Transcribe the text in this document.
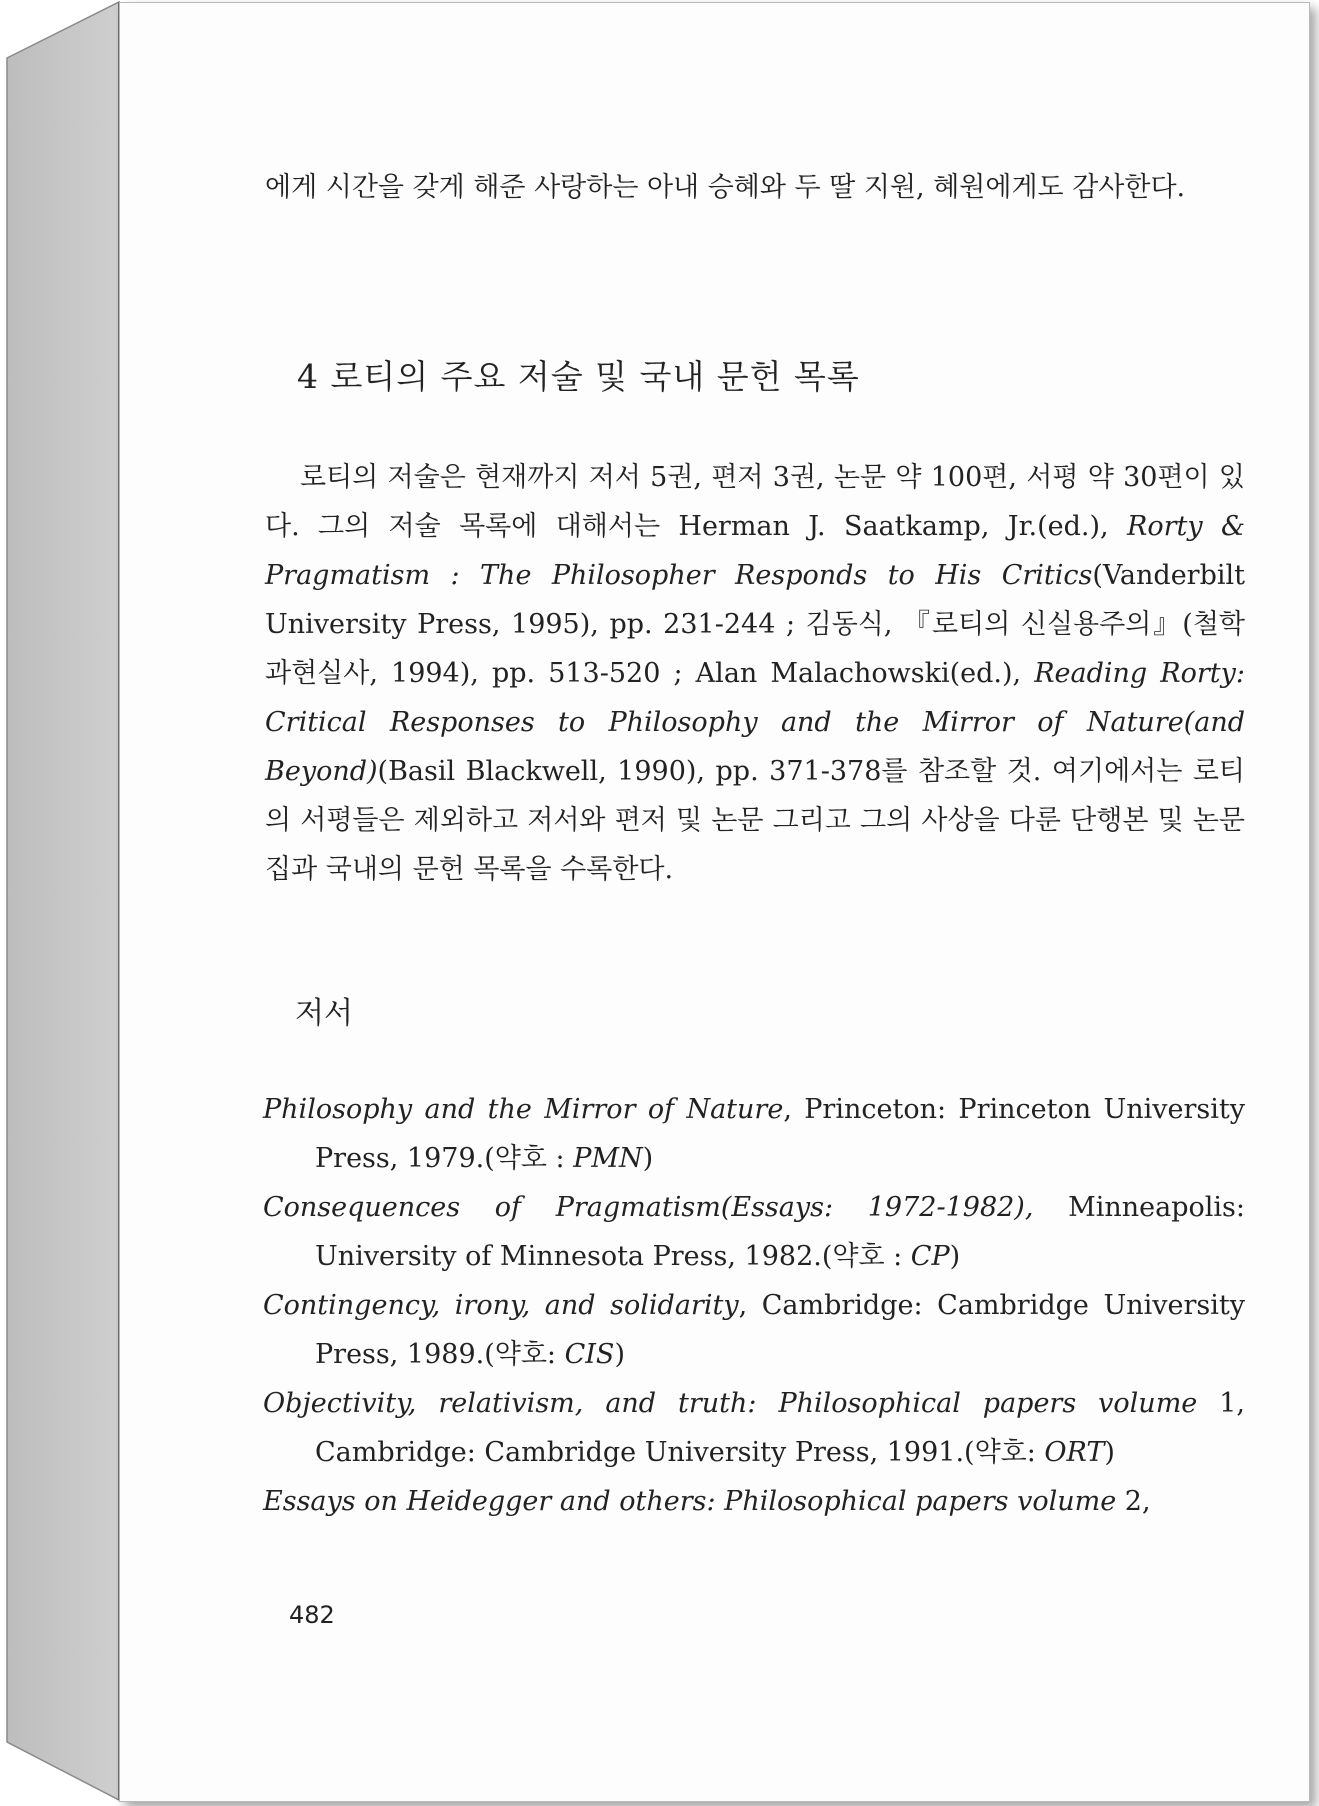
에게 시간을 갖게 해준 사랑하는 아내 승혜와 두 딸 지원, 혜원에게도 감사한다.
4 로티의 주요 저술 및 국내 문헌 목록
로티의 저술은 현재까지 저서 5권, 편저 3권, 논문 약 100편, 서평 약 30편이 있다. 그의 저술 목록에 대해서는 Herman J. Saatkamp, Jr.(ed.), Rorty & Pragmatism : The Philosopher Responds to His Critics(Vanderbilt University Press, 1995), pp. 231-244 ; 김동식, 『로티의 신실용주의』(철학과현실사, 1994), pp. 513-520 ; Alan Malachowski(ed.), Reading Rorty: Critical Responses to Philosophy and the Mirror of Nature(and Beyond)(Basil Blackwell, 1990), pp. 371-378를 참조할 것. 여기에서는 로티의 서평들은 제외하고 저서와 편저 및 논문 그리고 그의 사상을 다룬 단행본 및 논문집과 국내의 문헌 목록을 수록한다.
저서
Philosophy and the Mirror of Nature, Princeton: Princeton University Press, 1979.(약호 : PMN)
Consequences of Pragmatism(Essays: 1972-1982), Minneapolis: University of Minnesota Press, 1982.(약호 : CP)
Contingency, irony, and solidarity, Cambridge: Cambridge University Press, 1989.(약호: CIS)
Objectivity, relativism, and truth: Philosophical papers volume 1, Cambridge: Cambridge University Press, 1991.(약호: ORT)
Essays on Heidegger and others: Philosophical papers volume 2,
482
